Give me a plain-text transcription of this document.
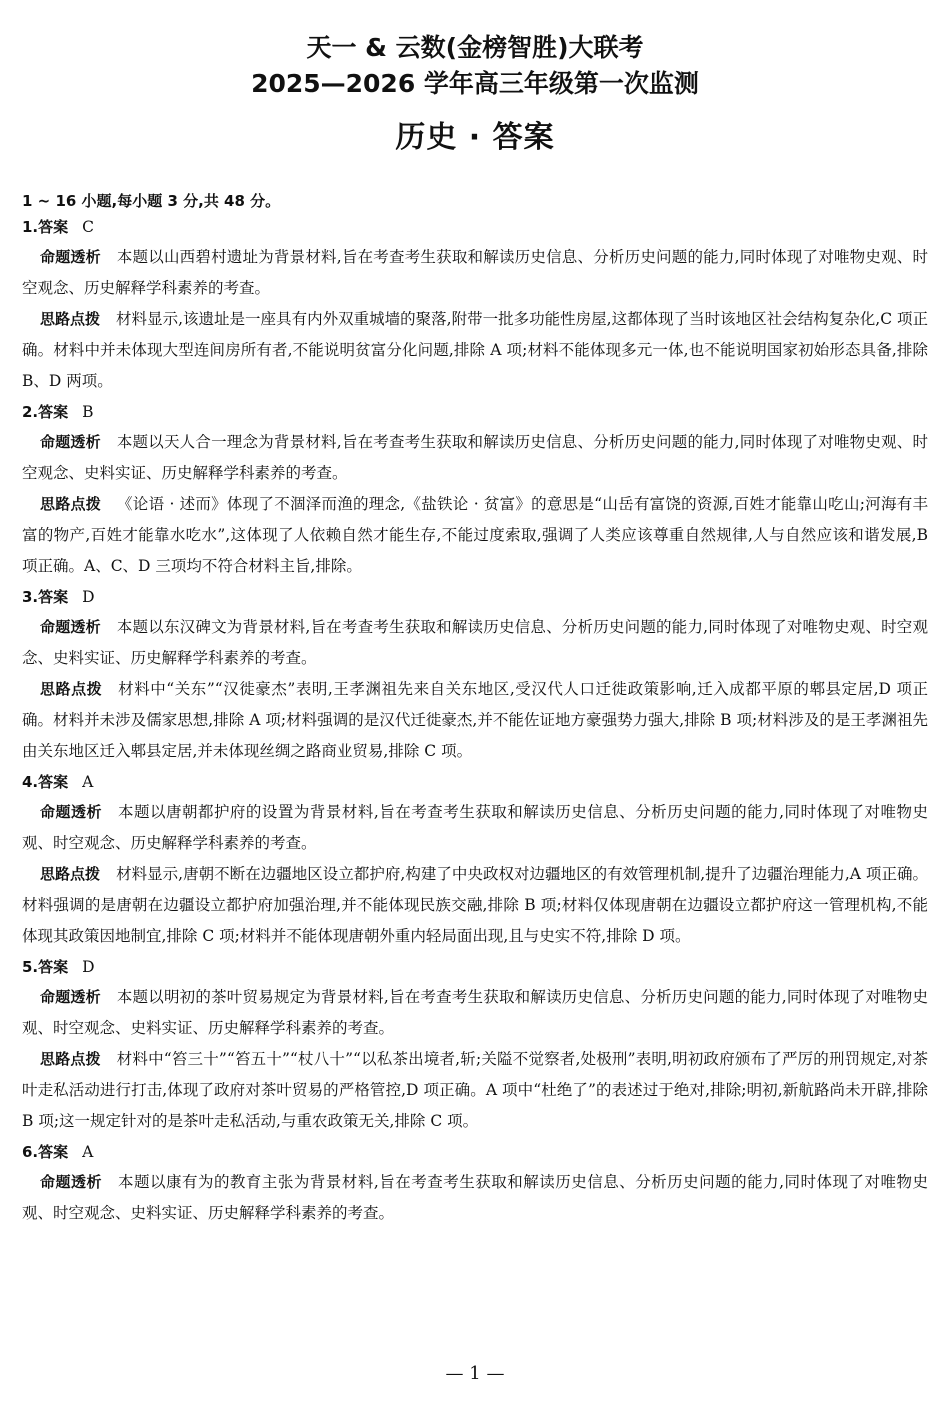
天一 & 云数(金榜智胜)大联考
2025—2026 学年高三年级第一次监测
历史 · 答案
1 ~ 16 小题,每小题 3 分,共 48 分。
1.答案 C

命题透析 本题以山西碧村遗址为背景材料,旨在考查考生获取和解读历史信息、分析历史问题的能力,同时体现了对唯物史观、时空观念、历史解释学科素养的考查。

思路点拨 材料显示,该遗址是一座具有内外双重城墙的聚落,附带一批多功能性房屋,这都体现了当时该地区社会结构复杂化,C 项正确。材料中并未体现大型连间房所有者,不能说明贫富分化问题,排除 A 项;材料不能体现多元一体,也不能说明国家初始形态具备,排除 B、D 两项。

2.答案 B

命题透析 本题以天人合一理念为背景材料,旨在考查考生获取和解读历史信息、分析历史问题的能力,同时体现了对唯物史观、时空观念、史料实证、历史解释学科素养的考查。

思路点拨 《论语 · 述而》体现了不涸泽而渔的理念,《盐铁论 · 贫富》的意思是“山岳有富饶的资源,百姓才能靠山吃山;河海有丰富的物产,百姓才能靠水吃水”,这体现了人依赖自然才能生存,不能过度索取,强调了人类应该尊重自然规律,人与自然应该和谐发展,B 项正确。A、C、D 三项均不符合材料主旨,排除。

3.答案 D

命题透析 本题以东汉碑文为背景材料,旨在考查考生获取和解读历史信息、分析历史问题的能力,同时体现了对唯物史观、时空观念、史料实证、历史解释学科素养的考查。

思路点拨 材料中“关东”“汉徙豪杰”表明,王孝渊祖先来自关东地区,受汉代人口迁徙政策影响,迁入成都平原的郫县定居,D 项正确。材料并未涉及儒家思想,排除 A 项;材料强调的是汉代迁徙豪杰,并不能佐证地方豪强势力强大,排除 B 项;材料涉及的是王孝渊祖先由关东地区迁入郫县定居,并未体现丝绸之路商业贸易,排除 C 项。

4.答案 A

命题透析 本题以唐朝都护府的设置为背景材料,旨在考查考生获取和解读历史信息、分析历史问题的能力,同时体现了对唯物史观、时空观念、历史解释学科素养的考查。

思路点拨 材料显示,唐朝不断在边疆地区设立都护府,构建了中央政权对边疆地区的有效管理机制,提升了边疆治理能力,A 项正确。材料强调的是唐朝在边疆设立都护府加强治理,并不能体现民族交融,排除 B 项;材料仅体现唐朝在边疆设立都护府这一管理机构,不能体现其政策因地制宜,排除 C 项;材料并不能体现唐朝外重内轻局面出现,且与史实不符,排除 D 项。

5.答案 D

命题透析 本题以明初的茶叶贸易规定为背景材料,旨在考查考生获取和解读历史信息、分析历史问题的能力,同时体现了对唯物史观、时空观念、史料实证、历史解释学科素养的考查。

思路点拨 材料中“笞三十”“笞五十”“杖八十”“以私茶出境者,斩;关隘不觉察者,处极刑”表明,明初政府颁布了严厉的刑罚规定,对茶叶走私活动进行打击,体现了政府对茶叶贸易的严格管控,D 项正确。A 项中“杜绝了”的表述过于绝对,排除;明初,新航路尚未开辟,排除 B 项;这一规定针对的是茶叶走私活动,与重农政策无关,排除 C 项。

6.答案 A

命题透析 本题以康有为的教育主张为背景材料,旨在考查考生获取和解读历史信息、分析历史问题的能力,同时体现了对唯物史观、时空观念、史料实证、历史解释学科素养的考查。

— 1 —
